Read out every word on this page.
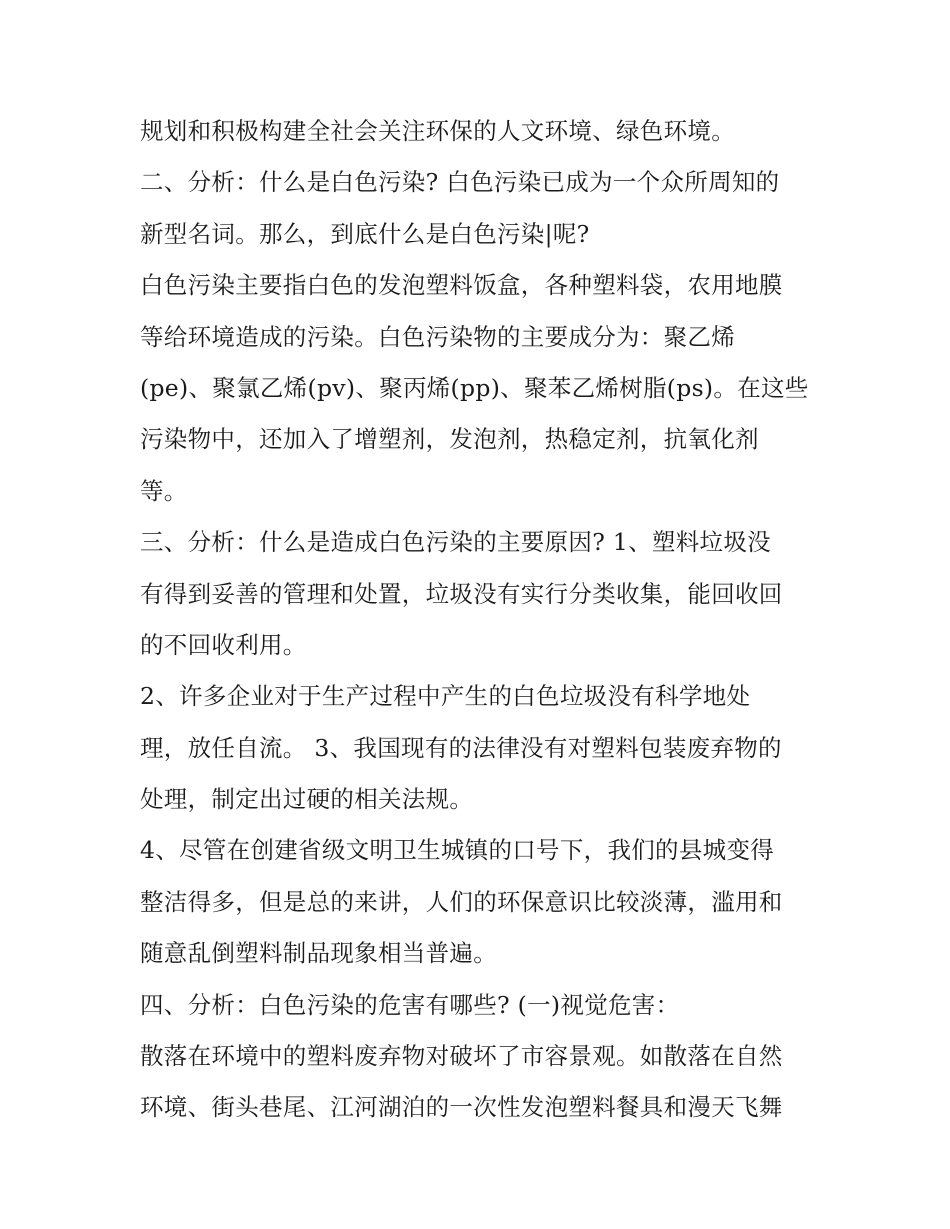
规划和积极构建全社会关注环保的人文环境、绿色环境。
二、分析：什么是白色污染? 白色污染已成为一个众所周知的
新型名词。那么，到底什么是白色污染|呢?
白色污染主要指白色的发泡塑料饭盒，各种塑料袋，农用地膜
等给环境造成的污染。白色污染物的主要成分为：聚乙烯
(pe)、聚氯乙烯(pv)、聚丙烯(pp)、聚苯乙烯树脂(ps)。在这些
污染物中，还加入了增塑剂，发泡剂，热稳定剂，抗氧化剂
等。
三、分析：什么是造成白色污染的主要原因? 1、塑料垃圾没
有得到妥善的管理和处置，垃圾没有实行分类收集，能回收回
的不回收利用。
2、许多企业对于生产过程中产生的白色垃圾没有科学地处
理，放任自流。 3、我国现有的法律没有对塑料包装废弃物的
处理，制定出过硬的相关法规。
4、尽管在创建省级文明卫生城镇的口号下，我们的县城变得
整洁得多，但是总的来讲，人们的环保意识比较淡薄，滥用和
随意乱倒塑料制品现象相当普遍。
四、分析：白色污染的危害有哪些? (一)视觉危害：
散落在环境中的塑料废弃物对破坏了市容景观。如散落在自然
环境、街头巷尾、江河湖泊的一次性发泡塑料餐具和漫天飞舞
